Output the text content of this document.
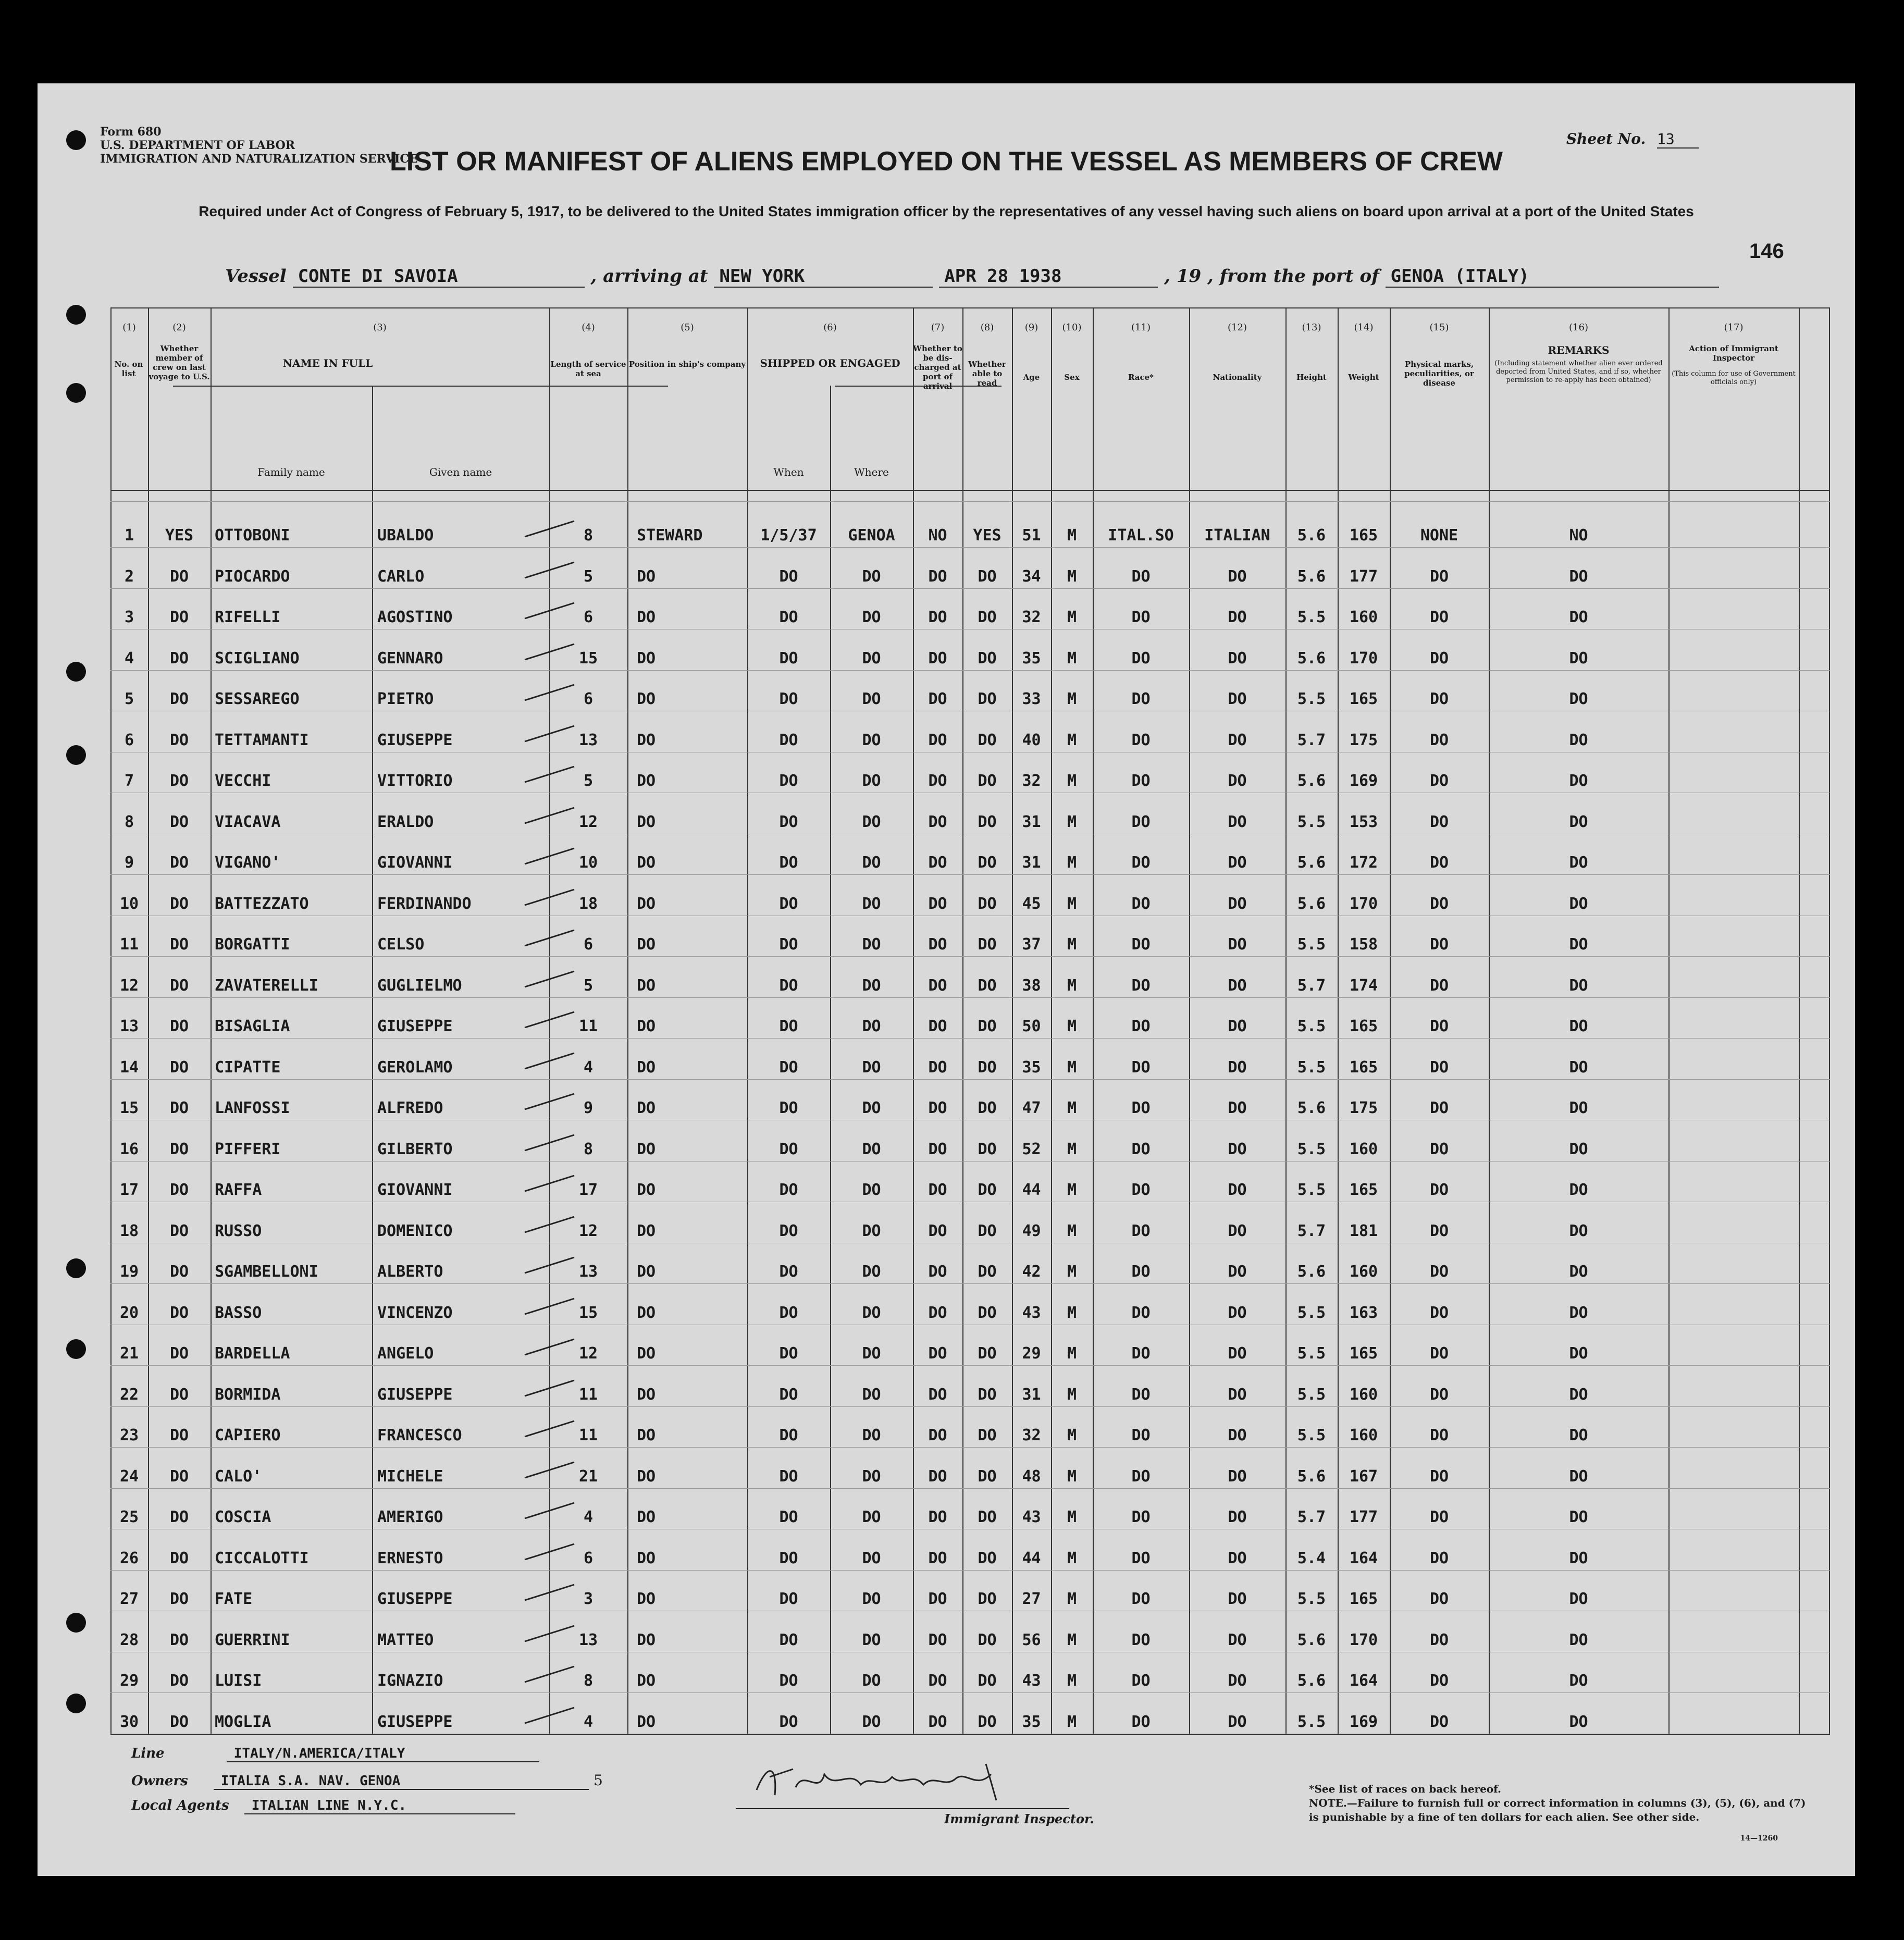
Form 680
U.S. DEPARTMENT OF LABOR
IMMIGRATION AND NATURALIZATION SERVICE
Sheet No. 13
LIST OR MANIFEST OF ALIENS EMPLOYED ON THE VESSEL AS MEMBERS OF CREW
Required under Act of Congress of February 5, 1917, to be delivered to the United States immigration officer by the representatives of any vessel having such aliens on board upon arrival at a port of the United States
146
Vessel CONTE DI SAVOIA	, arriving at NEW YORK	APR 28 1938	, 19 , from the port of GENOA (ITALY)
(1)	(2)	(3)	(4)	(5)	(6)	(7)	(8)	(9)	(10)	(11)	(12)	(13)	(14)	(15)	(16)	(17)
No. on list
Whether member of crew on last voyage to U.S.
NAME IN FULL
Family name	Given name
Length of service at sea
Position in ship's company	SHIPPED OR ENGAGED
When	Where
Whether to be dis-charged at port of arrival
Whether able to read
Age	Sex	Race*	Nationality	Height	Weight
Physical marks, peculiarities, or disease
REMARKS
(Including statement whether alien ever ordered deported from United States, and if so, whether permission to re-apply has been obtained)
Action of Immigrant Inspector
(This column for use of Government officials only)
1	YES	OTTOBONI	UBALDO	8	STEWARD	1/5/37	GENOA	NO	YES	51	M	ITAL.SO	ITALIAN	5.6	165	NONE	NO
2	DO	PIOCARDO	CARLO	5	DO	DO	DO	DO	DO	34	M	DO	DO	5.6	177	DO	DO
3	DO	RIFELLI	AGOSTINO	6	DO	DO	DO	DO	DO	32	M	DO	DO	5.5	160	DO	DO
4	DO	SCIGLIANO	GENNARO	15	DO	DO	DO	DO	DO	35	M	DO	DO	5.6	170	DO	DO
5	DO	SESSAREGO	PIETRO	6	DO	DO	DO	DO	DO	33	M	DO	DO	5.5	165	DO	DO
6	DO	TETTAMANTI	GIUSEPPE	13	DO	DO	DO	DO	DO	40	M	DO	DO	5.7	175	DO	DO
7	DO	VECCHI	VITTORIO	5	DO	DO	DO	DO	DO	32	M	DO	DO	5.6	169	DO	DO
8	DO	VIACAVA	ERALDO	12	DO	DO	DO	DO	DO	31	M	DO	DO	5.5	153	DO	DO
9	DO	VIGANO'	GIOVANNI	10	DO	DO	DO	DO	DO	31	M	DO	DO	5.6	172	DO	DO
10	DO	BATTEZZATO	FERDINANDO	18	DO	DO	DO	DO	DO	45	M	DO	DO	5.6	170	DO	DO
11	DO	BORGATTI	CELSO	6	DO	DO	DO	DO	DO	37	M	DO	DO	5.5	158	DO	DO
12	DO	ZAVATERELLI	GUGLIELMO	5	DO	DO	DO	DO	DO	38	M	DO	DO	5.7	174	DO	DO
13	DO	BISAGLIA	GIUSEPPE	11	DO	DO	DO	DO	DO	50	M	DO	DO	5.5	165	DO	DO
14	DO	CIPATTE	GEROLAMO	4	DO	DO	DO	DO	DO	35	M	DO	DO	5.5	165	DO	DO
15	DO	LANFOSSI	ALFREDO	9	DO	DO	DO	DO	DO	47	M	DO	DO	5.6	175	DO	DO
16	DO	PIFFERI	GILBERTO	8	DO	DO	DO	DO	DO	52	M	DO	DO	5.5	160	DO	DO
17	DO	RAFFA	GIOVANNI	17	DO	DO	DO	DO	DO	44	M	DO	DO	5.5	165	DO	DO
18	DO	RUSSO	DOMENICO	12	DO	DO	DO	DO	DO	49	M	DO	DO	5.7	181	DO	DO
19	DO	SGAMBELLONI	ALBERTO	13	DO	DO	DO	DO	DO	42	M	DO	DO	5.6	160	DO	DO
20	DO	BASSO	VINCENZO	15	DO	DO	DO	DO	DO	43	M	DO	DO	5.5	163	DO	DO
21	DO	BARDELLA	ANGELO	12	DO	DO	DO	DO	DO	29	M	DO	DO	5.5	165	DO	DO
22	DO	BORMIDA	GIUSEPPE	11	DO	DO	DO	DO	DO	31	M	DO	DO	5.5	160	DO	DO
23	DO	CAPIERO	FRANCESCO	11	DO	DO	DO	DO	DO	32	M	DO	DO	5.5	160	DO	DO
24	DO	CALO'	MICHELE	21	DO	DO	DO	DO	DO	48	M	DO	DO	5.6	167	DO	DO
25	DO	COSCIA	AMERIGO	4	DO	DO	DO	DO	DO	43	M	DO	DO	5.7	177	DO	DO
26	DO	CICCALOTTI	ERNESTO	6	DO	DO	DO	DO	DO	44	M	DO	DO	5.4	164	DO	DO
27	DO	FATE	GIUSEPPE	3	DO	DO	DO	DO	DO	27	M	DO	DO	5.5	165	DO	DO
28	DO	GUERRINI	MATTEO	13	DO	DO	DO	DO	DO	56	M	DO	DO	5.6	170	DO	DO
29	DO	LUISI	IGNAZIO	8	DO	DO	DO	DO	DO	43	M	DO	DO	5.6	164	DO	DO
30	DO	MOGLIA	GIUSEPPE	4	DO	DO	DO	DO	DO	35	M	DO	DO	5.5	169	DO	DO
Line	ITALY/N.AMERICA/ITALY
Owners ITALIA S.A. NAV. GENOA	5
Local Agents ITALIAN LINE N.Y.C.
Immigrant Inspector.
*See list of races on back hereof.
NOTE.—Failure to furnish full or correct information in columns (3), (5), (6), and (7) is punishable by a fine of ten dollars for each alien. See other side.
14—1260
